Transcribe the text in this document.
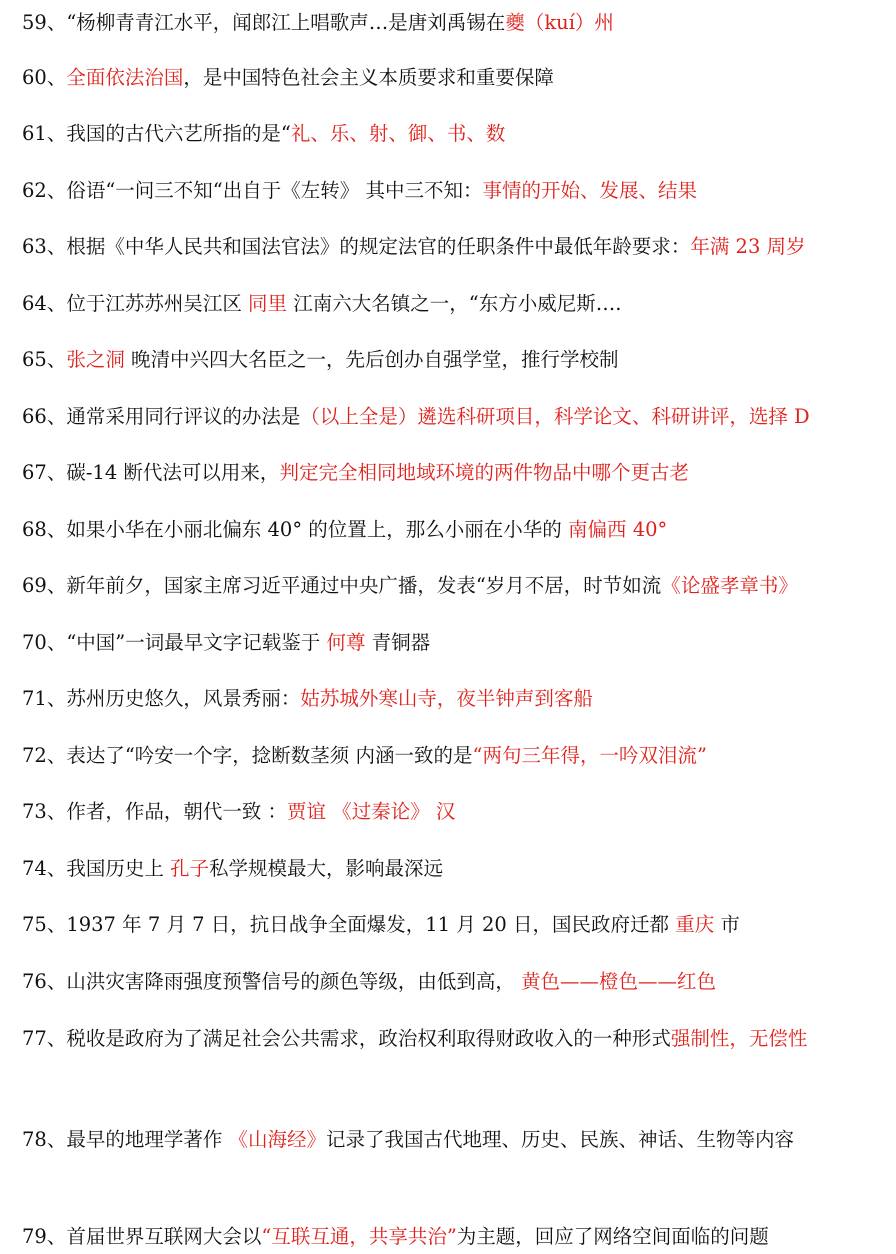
59、“杨柳青青江水平，闻郎江上唱歌声…是唐刘禹锡在夔（kuí）州
60、全面依法治国，是中国特色社会主义本质要求和重要保障
61、我国的古代六艺所指的是“礼、乐、射、御、书、数
62、俗语“一问三不知“出自于《左转》 其中三不知：事情的开始、发展、结果
63、根据《中华人民共和国法官法》的规定法官的任职条件中最低年龄要求：年满 23 周岁
64、位于江苏苏州吴江区 同里 江南六大名镇之一，“东方小威尼斯….
65、张之洞 晚清中兴四大名臣之一，先后创办自强学堂，推行学校制
66、通常采用同行评议的办法是（以上全是）遴选科研项目，科学论文、科研讲评，选择 D
67、碳-14 断代法可以用来，判定完全相同地域环境的两件物品中哪个更古老
68、如果小华在小丽北偏东 40° 的位置上，那么小丽在小华的 南偏西 40°
69、新年前夕，国家主席习近平通过中央广播，发表“岁月不居，时节如流《论盛孝章书》
70、“中国”一词最早文字记载鉴于 何尊 青铜器
71、苏州历史悠久，风景秀丽：姑苏城外寒山寺，夜半钟声到客船
72、表达了“吟安一个字，捻断数茎须 内涵一致的是“两句三年得，一吟双泪流”
73、作者，作品，朝代一致 ：贾谊 《过秦论》 汉
74、我国历史上 孔子私学规模最大，影响最深远
75、1937 年 7 月 7 日，抗日战争全面爆发，11 月 20 日，国民政府迁都 重庆 市
76、山洪灾害降雨强度预警信号的颜色等级，由低到高， 黄色——橙色——红色
77、税收是政府为了满足社会公共需求，政治权利取得财政收入的一种形式强制性，无偿性
78、最早的地理学著作 《山海经》记录了我国古代地理、历史、民族、神话、生物等内容
79、首届世界互联网大会以“互联互通，共享共治”为主题，回应了网络空间面临的问题
